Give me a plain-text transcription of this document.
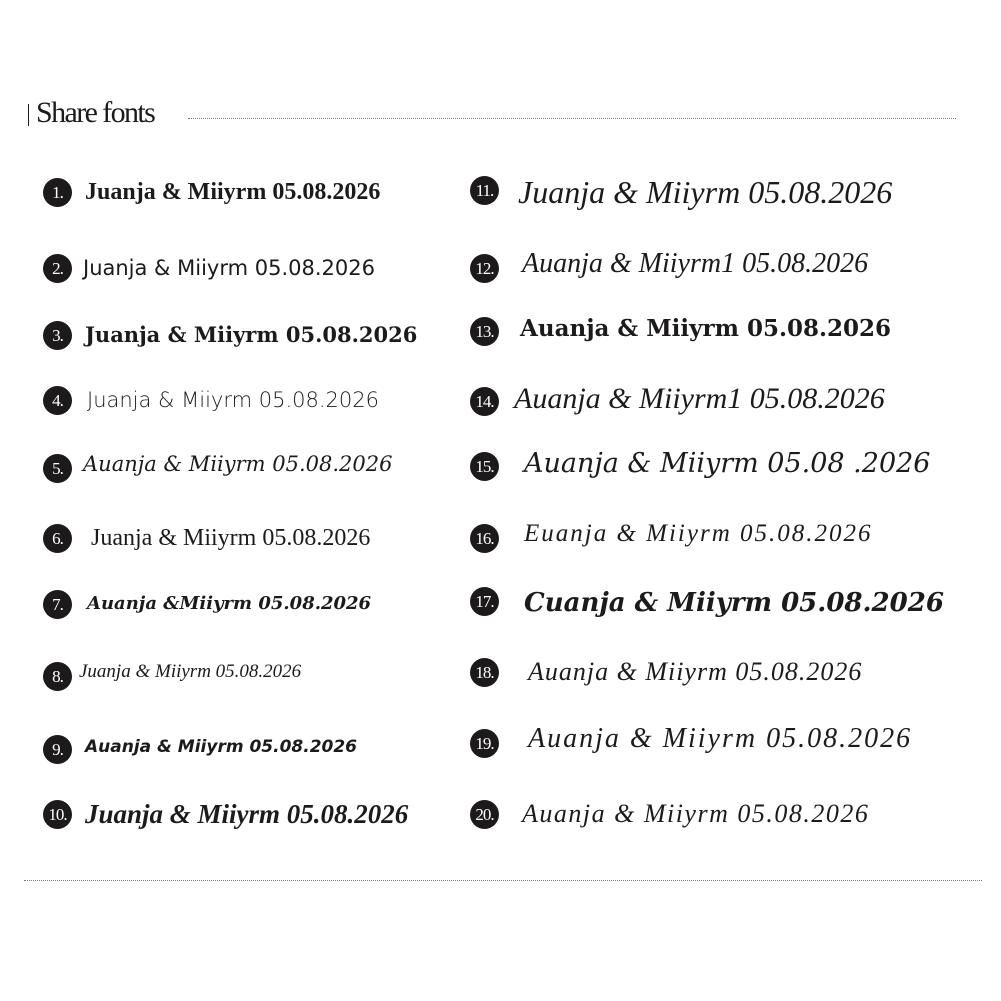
Share fonts
1. Juanja & Miiyrm 05.08.2026
2. Juanja & Miiyrm 05.08.2026
3.	Juanja & Miiyrm 05.08.2026
4.	Juanja & Miiyrm 05.08.2026
5. Auanja & Miiyrm 05.08.2026
6.	Juanja & Miiyrm 05.08.2026
7.	Auanja &Miiyrm 05.08.2026
8. Juanja & Miiyrm 05.08.2026
9.	Auanja & Miiyrm 05.08.2026
10. Juanja & Miiyrm 05.08.2026
11. Juanja & Miiyrm 05.08.2026
12. Auanja & Miiyrm1 05.08.2026
13. Auanja & Miiyrm 05.08.2026
14. Auanja & Miiyrm1 05.08.2026
15. Auanja & Miiyrm 05.08 .2026
16. Euanja & Miiyrm 05.08.2026
17. Cuanja & Miiyrm 05.08.2026
18. Auanja & Miiyrm 05.08.2026
19. Auanja & Miiyrm 05.08.2026
20. Auanja & Miiyrm 05.08.2026
